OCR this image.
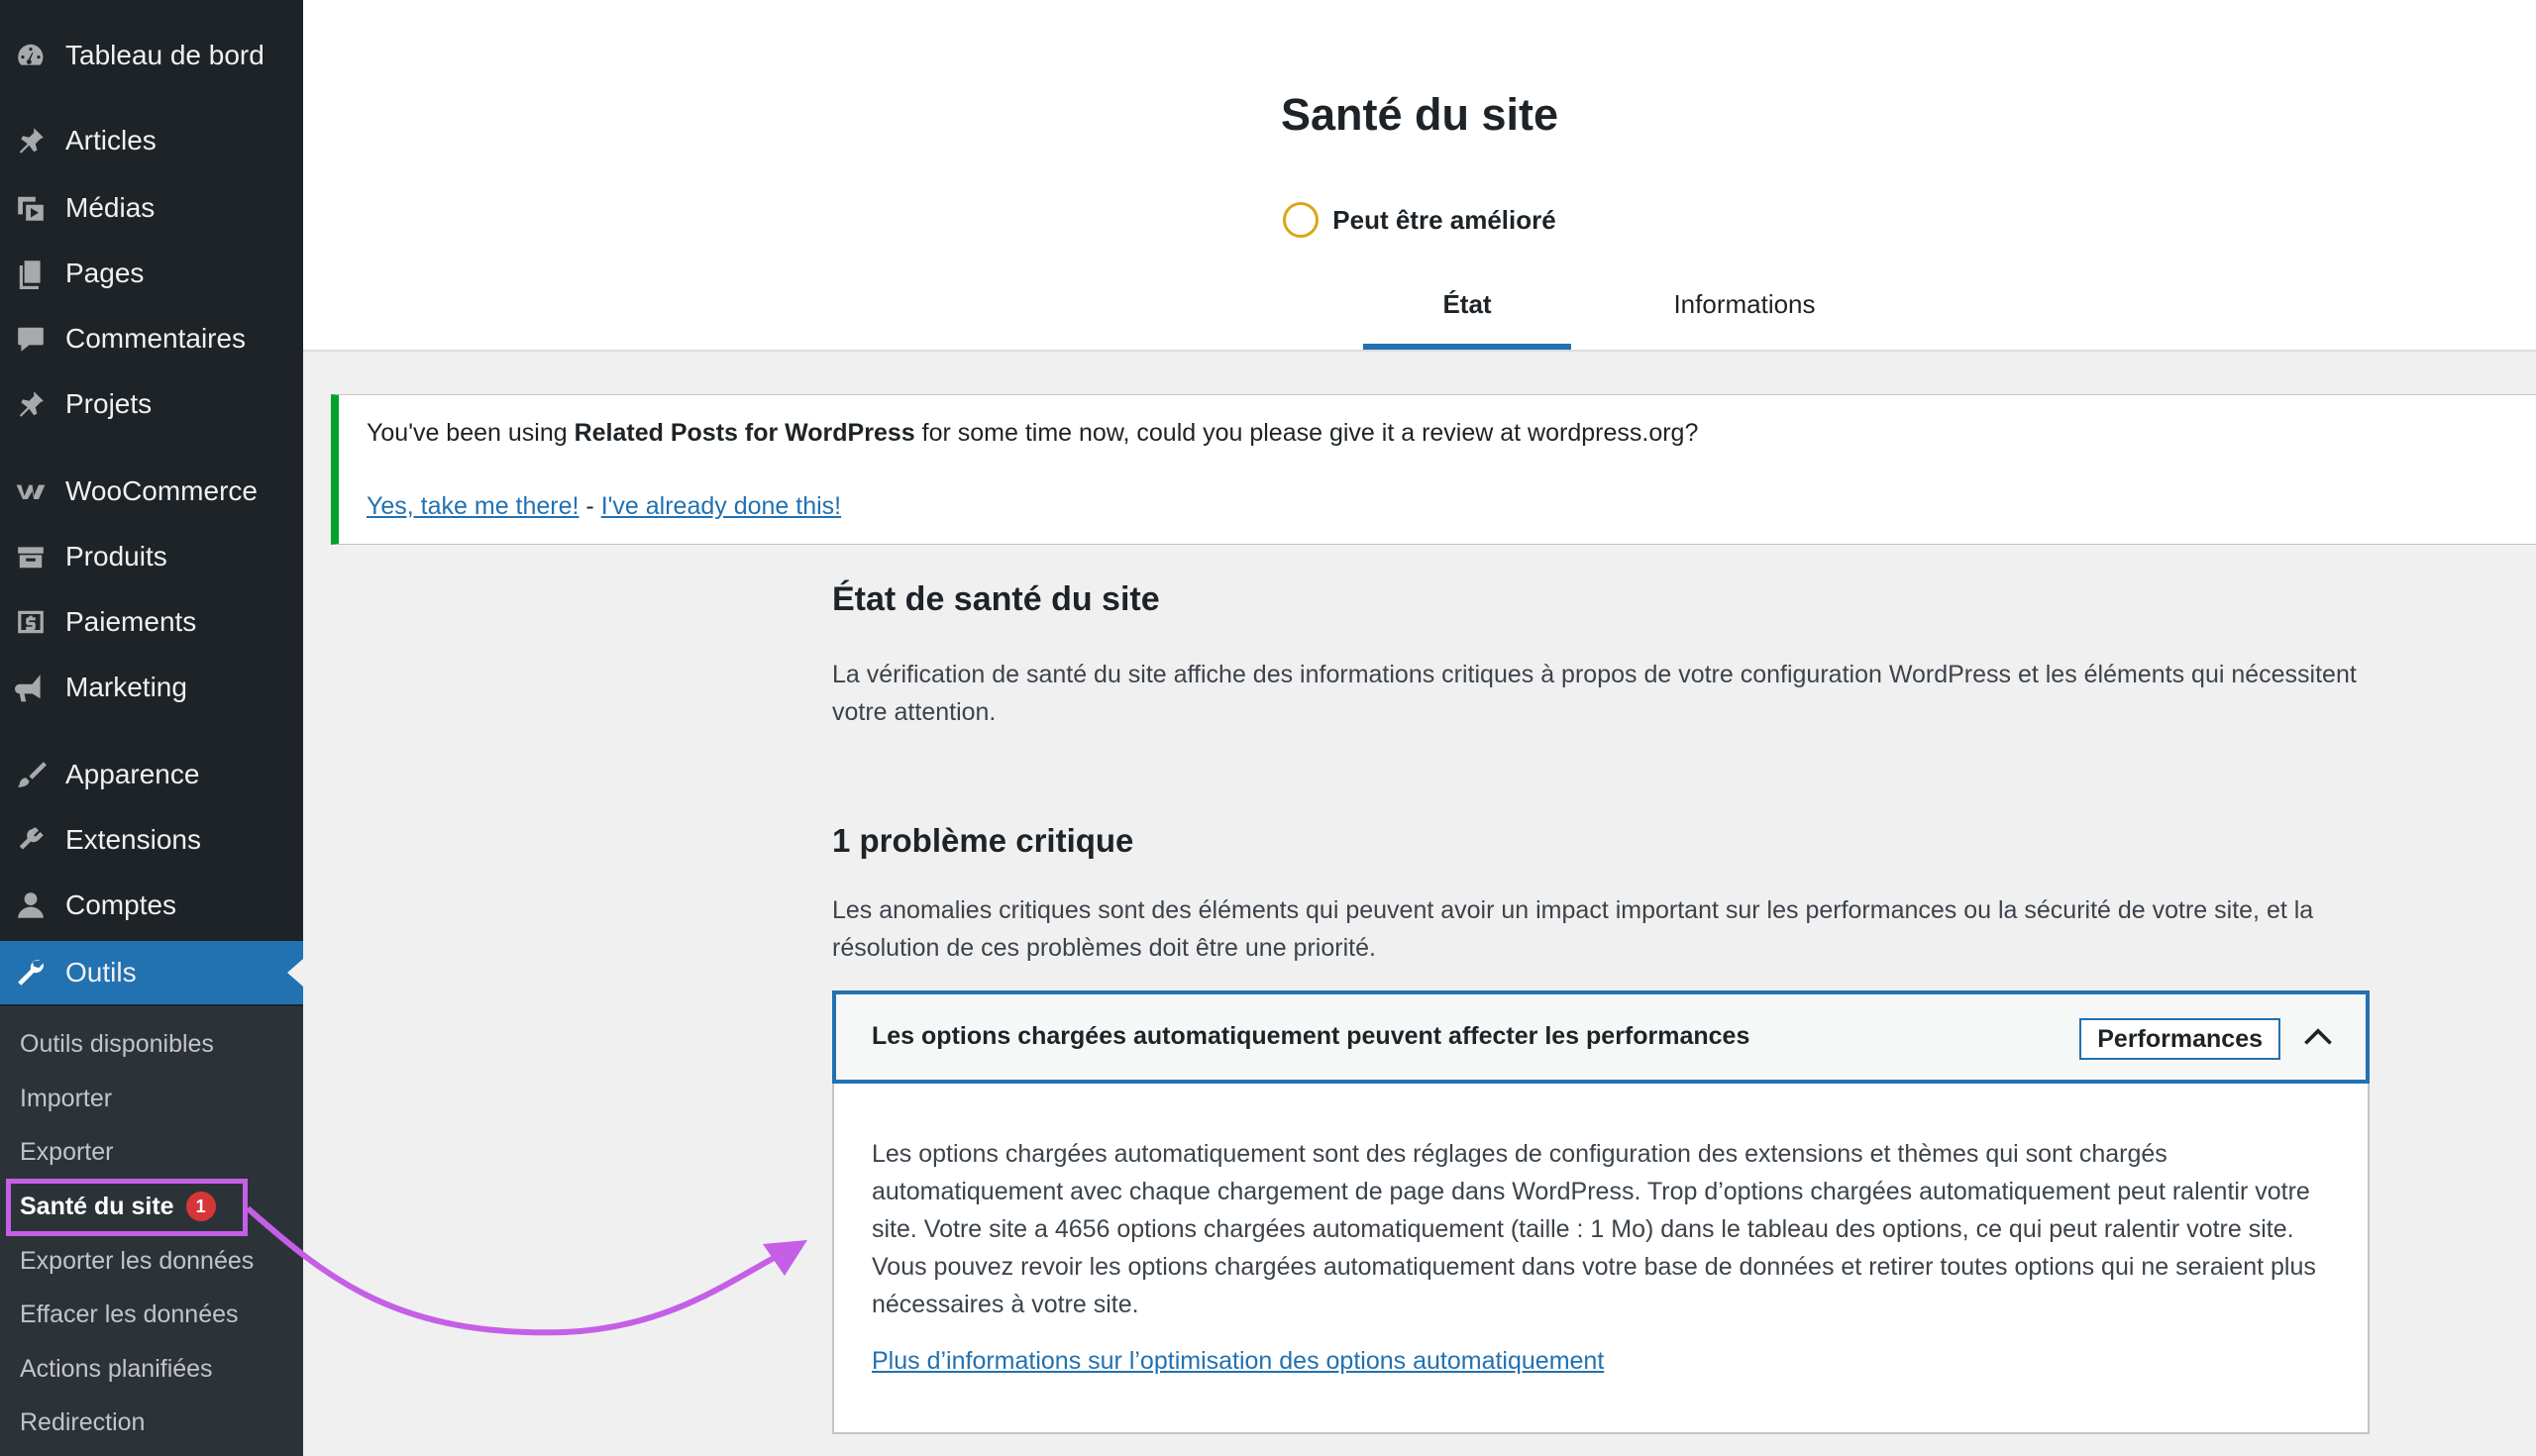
Tableau de bord
Articles
Médias
Pages
Commentaires
Projets
WooCommerce
Produits
Paiements
Marketing
Apparence
Extensions
Comptes
Outils
Outils disponibles
Importer
Exporter
Santé du site	1
Exporter les données
Effacer les données
Actions planifiées
Redirection
Santé du site
Peut être amélioré
État	Informations
You've been using Related Posts for WordPress for some time now, could you please give it a review at wordpress.org?
Yes, take me there! - I've already done this!
État de santé du site

La vérification de santé du site affiche des informations critiques à propos de votre configuration WordPress et les éléments qui nécessitent votre attention.

1 problème critique

Les anomalies critiques sont des éléments qui peuvent avoir un impact important sur les performances ou la sécurité de votre site, et la résolution de ces problèmes doit être une priorité.

Les options chargées automatiquement peuvent affecter les performances	Performances

Les options chargées automatiquement sont des réglages de configuration des extensions et thèmes qui sont chargés automatiquement avec chaque chargement de page dans WordPress. Trop d’options chargées automatiquement peut ralentir votre site. Votre site a 4656 options chargées automatiquement (taille : 1 Mo) dans le tableau des options, ce qui peut ralentir votre site. Vous pouvez revoir les options chargées automatiquement dans votre base de données et retirer toutes options qui ne seraient plus nécessaires à votre site.

Plus d’informations sur l’optimisation des options automatiquement
